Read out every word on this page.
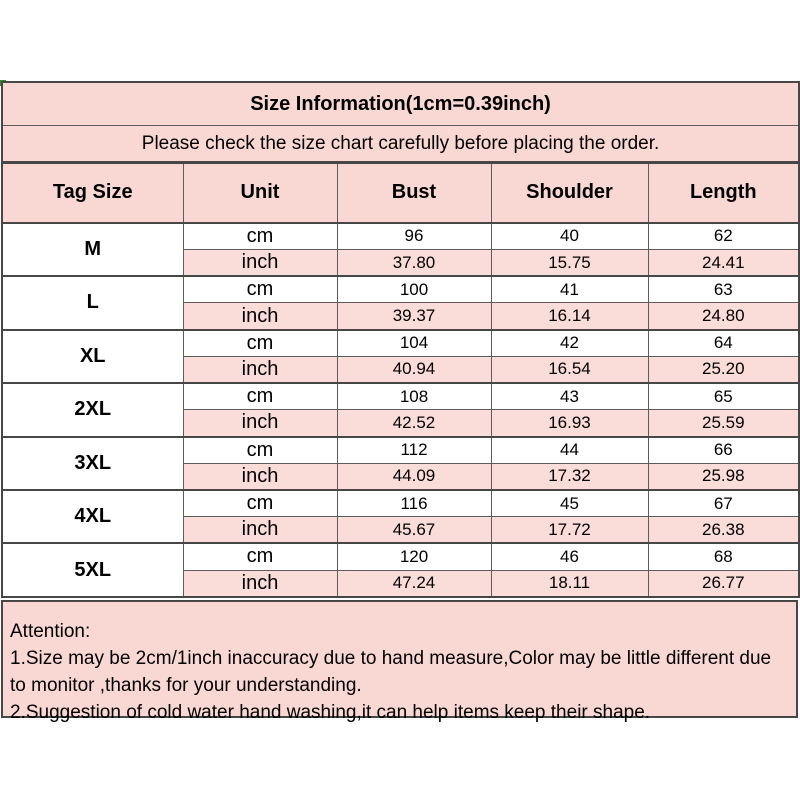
Size Information(1cm=0.39inch)				
Please check the size chart carefully before placing the order.				
Tag Size	Unit	Bust	Shoulder	Length
M	cm	96	40	62
	inch	37.80	15.75	24.41
L	cm	100	41	63
	inch	39.37	16.14	24.80
XL	cm	104	42	64
	inch	40.94	16.54	25.20
2XL	cm	108	43	65
	inch	42.52	16.93	25.59
3XL	cm	112	44	66
	inch	44.09	17.32	25.98
4XL	cm	116	45	67
	inch	45.67	17.72	26.38
5XL	cm	120	46	68
	inch	47.24	18.11	26.77
Attention:
1.Size may be 2cm/1inch inaccuracy due to hand measure,Color may be little different due to monitor ,thanks for your understanding.
2.Suggestion of cold water hand washing,it can help items keep their shape.
